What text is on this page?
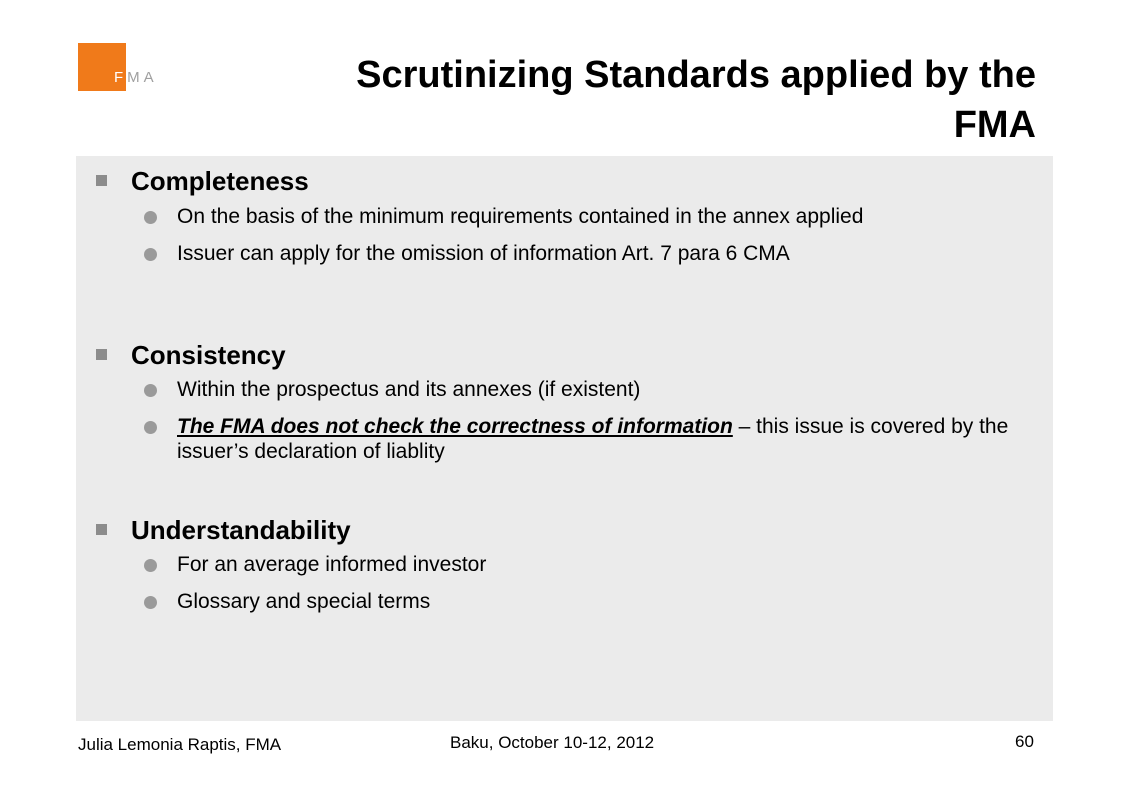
FMA	Scrutinizing Standards applied by the
FMA
Completeness
On the basis of the minimum requirements contained in the annex applied
Issuer can apply for the omission of information Art. 7 para 6 CMA
Consistency
Within the prospectus and its annexes (if existent)
The FMA does not check the correctness of information – this issue is covered by the issuer’s declaration of liablity
Understandability
For an average informed investor
Glossary and special terms
Julia Lemonia Raptis, FMA	Baku, October 10-12, 2012	60
